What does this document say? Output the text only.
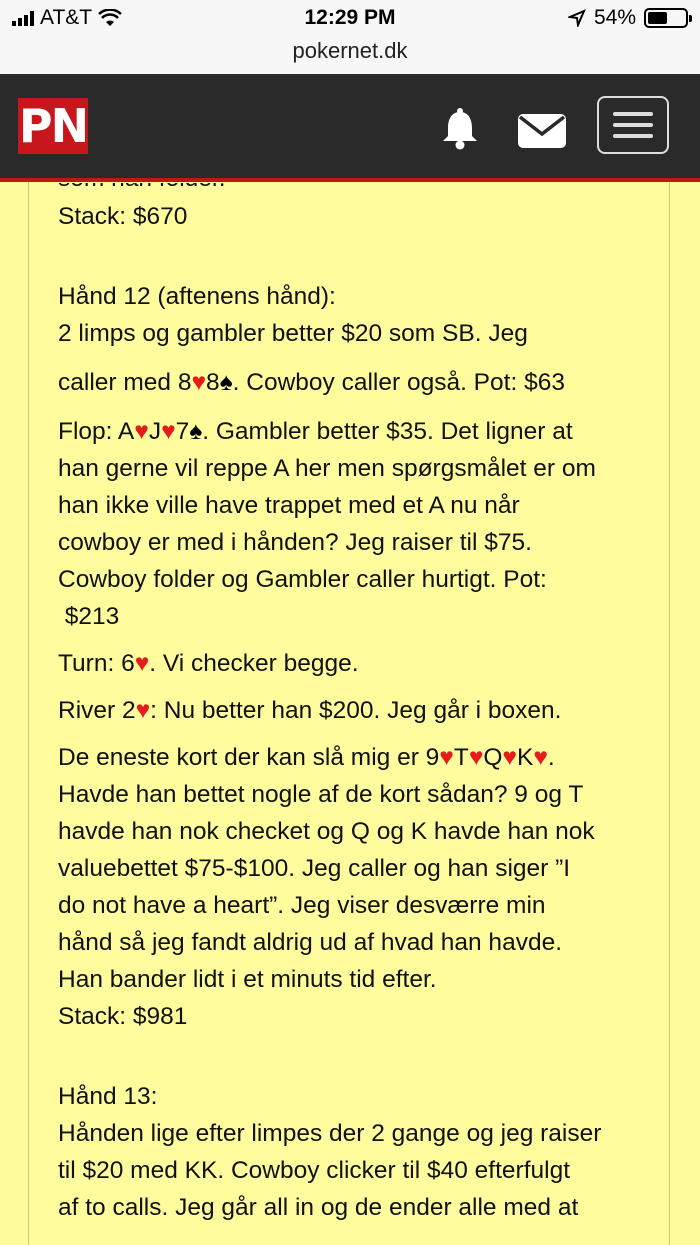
AT&T	12:29 PM	54%
pokernet.dk
PN

Stack: $670

Hånd 12 (aftenens hånd):

2 limps og gambler better $20 som SB. Jeg

caller med 8♥8♠. Cowboy caller også. Pot: $63

Flop: A♥J♥7♠. Gambler better $35. Det ligner at

han gerne vil reppe A her men spørgsmålet er om

han ikke ville have trappet med et A nu når

cowboy er med i hånden? Jeg raiser til $75.

Cowboy folder og Gambler caller hurtigt. Pot:

$213

Turn: 6♥. Vi checker begge.

River 2♥: Nu better han $200. Jeg går i boxen.

De eneste kort der kan slå mig er 9♥T♥Q♥K♥.

Havde han bettet nogle af de kort sådan? 9 og T

havde han nok checket og Q og K havde han nok

valuebettet $75-$100. Jeg caller og han siger ”I

do not have a heart”. Jeg viser desværre min

hånd så jeg fandt aldrig ud af hvad han havde.

Han bander lidt i et minuts tid efter.

Stack: $981

Hånd 13:

Hånden lige efter limpes der 2 gange og jeg raiser

til $20 med KK. Cowboy clicker til $40 efterfulgt

af to calls. Jeg går all in og de ender alle med at
